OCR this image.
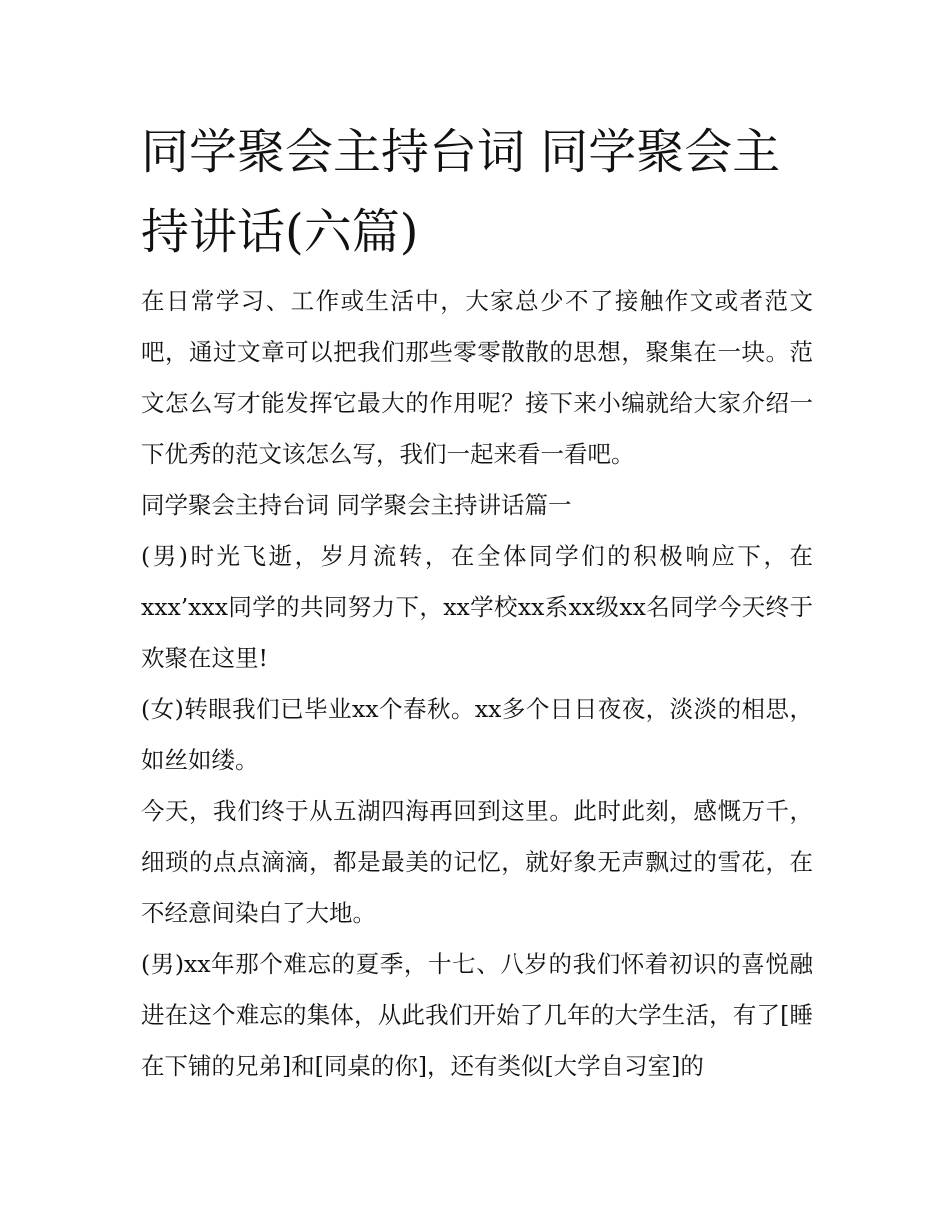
同学聚会主持台词 同学聚会主持讲话(六篇)

在日常学习、工作或生活中，大家总少不了接触作文或者范文吧，通过文章可以把我们那些零零散散的思想，聚集在一块。范文怎么写才能发挥它最大的作用呢？接下来小编就给大家介绍一下优秀的范文该怎么写，我们一起来看一看吧。

同学聚会主持台词 同学聚会主持讲话篇一

(男)时光飞逝，岁月流转，在全体同学们的积极响应下，在xxx’xxx同学的共同努力下，xx学校xx系xx级xx名同学今天终于欢聚在这里!

(女)转眼我们已毕业xx个春秋。xx多个日日夜夜，淡淡的相思，如丝如缕。

今天，我们终于从五湖四海再回到这里。此时此刻，感慨万千，细琐的点点滴滴，都是最美的记忆，就好象无声飘过的雪花，在不经意间染白了大地。

(男)xx年那个难忘的夏季，十七、八岁的我们怀着初识的喜悦融进在这个难忘的集体，从此我们开始了几年的大学生活，有了[睡在下铺的兄弟]和[同桌的你]，还有类似[大学自习室]的
